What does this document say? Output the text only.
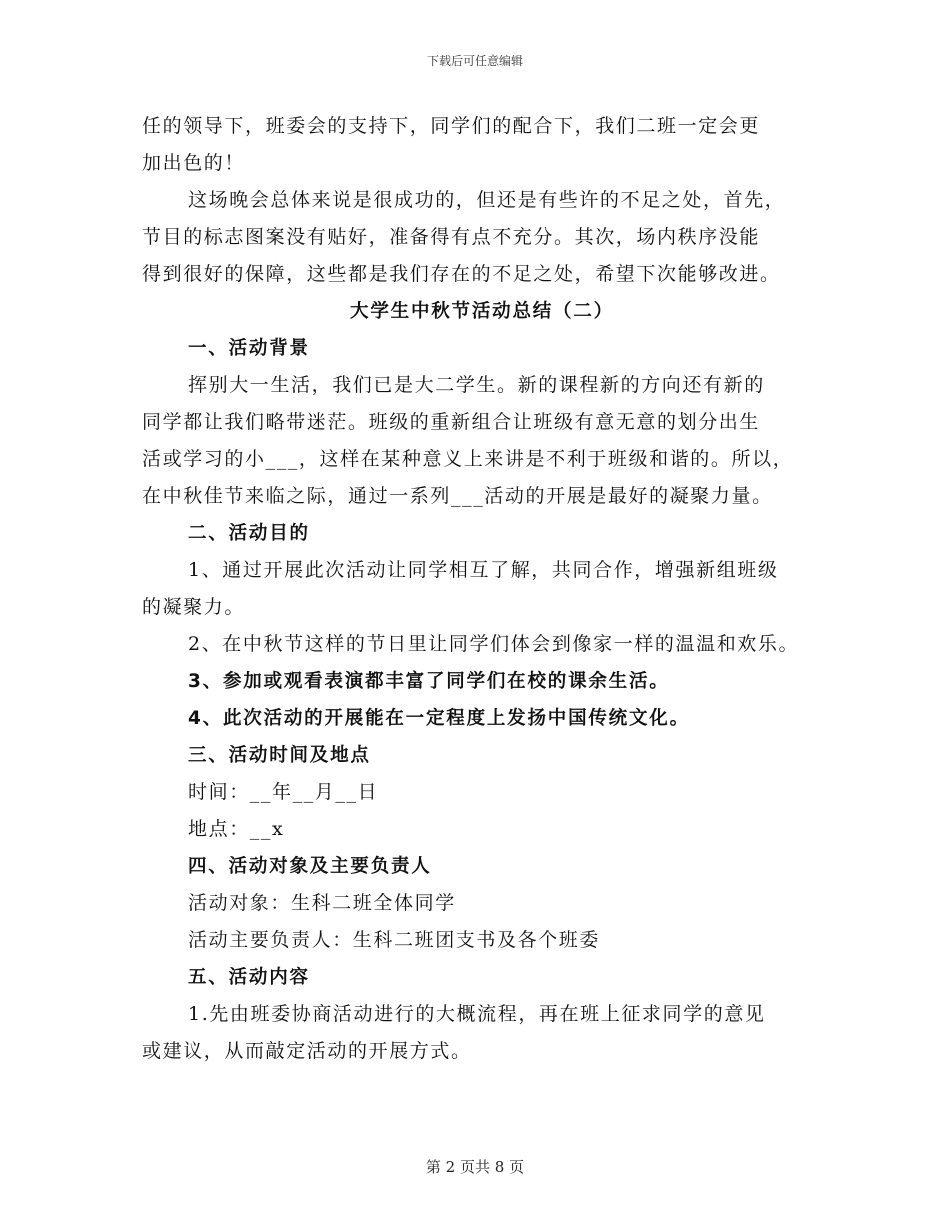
下载后可任意编辑
任的领导下，班委会的支持下，同学们的配合下，我们二班一定会更
加出色的！
这场晚会总体来说是很成功的，但还是有些许的不足之处，首先，
节目的标志图案没有贴好，准备得有点不充分。其次，场内秩序没能
得到很好的保障，这些都是我们存在的不足之处，希望下次能够改进。
大学生中秋节活动总结（二）
一、活动背景
挥别大一生活，我们已是大二学生。新的课程新的方向还有新的
同学都让我们略带迷茫。班级的重新组合让班级有意无意的划分出生
活或学习的小___，这样在某种意义上来讲是不利于班级和谐的。所以，
在中秋佳节来临之际，通过一系列___活动的开展是最好的凝聚力量。
二、活动目的
1、通过开展此次活动让同学相互了解，共同合作，增强新组班级
的凝聚力。
2、在中秋节这样的节日里让同学们体会到像家一样的温温和欢乐。
3、参加或观看表演都丰富了同学们在校的课余生活。
4、此次活动的开展能在一定程度上发扬中国传统文化。
三、活动时间及地点
时间：__年__月__日
地点：__x
四、活动对象及主要负责人
活动对象：生科二班全体同学
活动主要负责人：生科二班团支书及各个班委
五、活动内容
1.先由班委协商活动进行的大概流程，再在班上征求同学的意见
或建议，从而敲定活动的开展方式。
第 2 页共 8 页
